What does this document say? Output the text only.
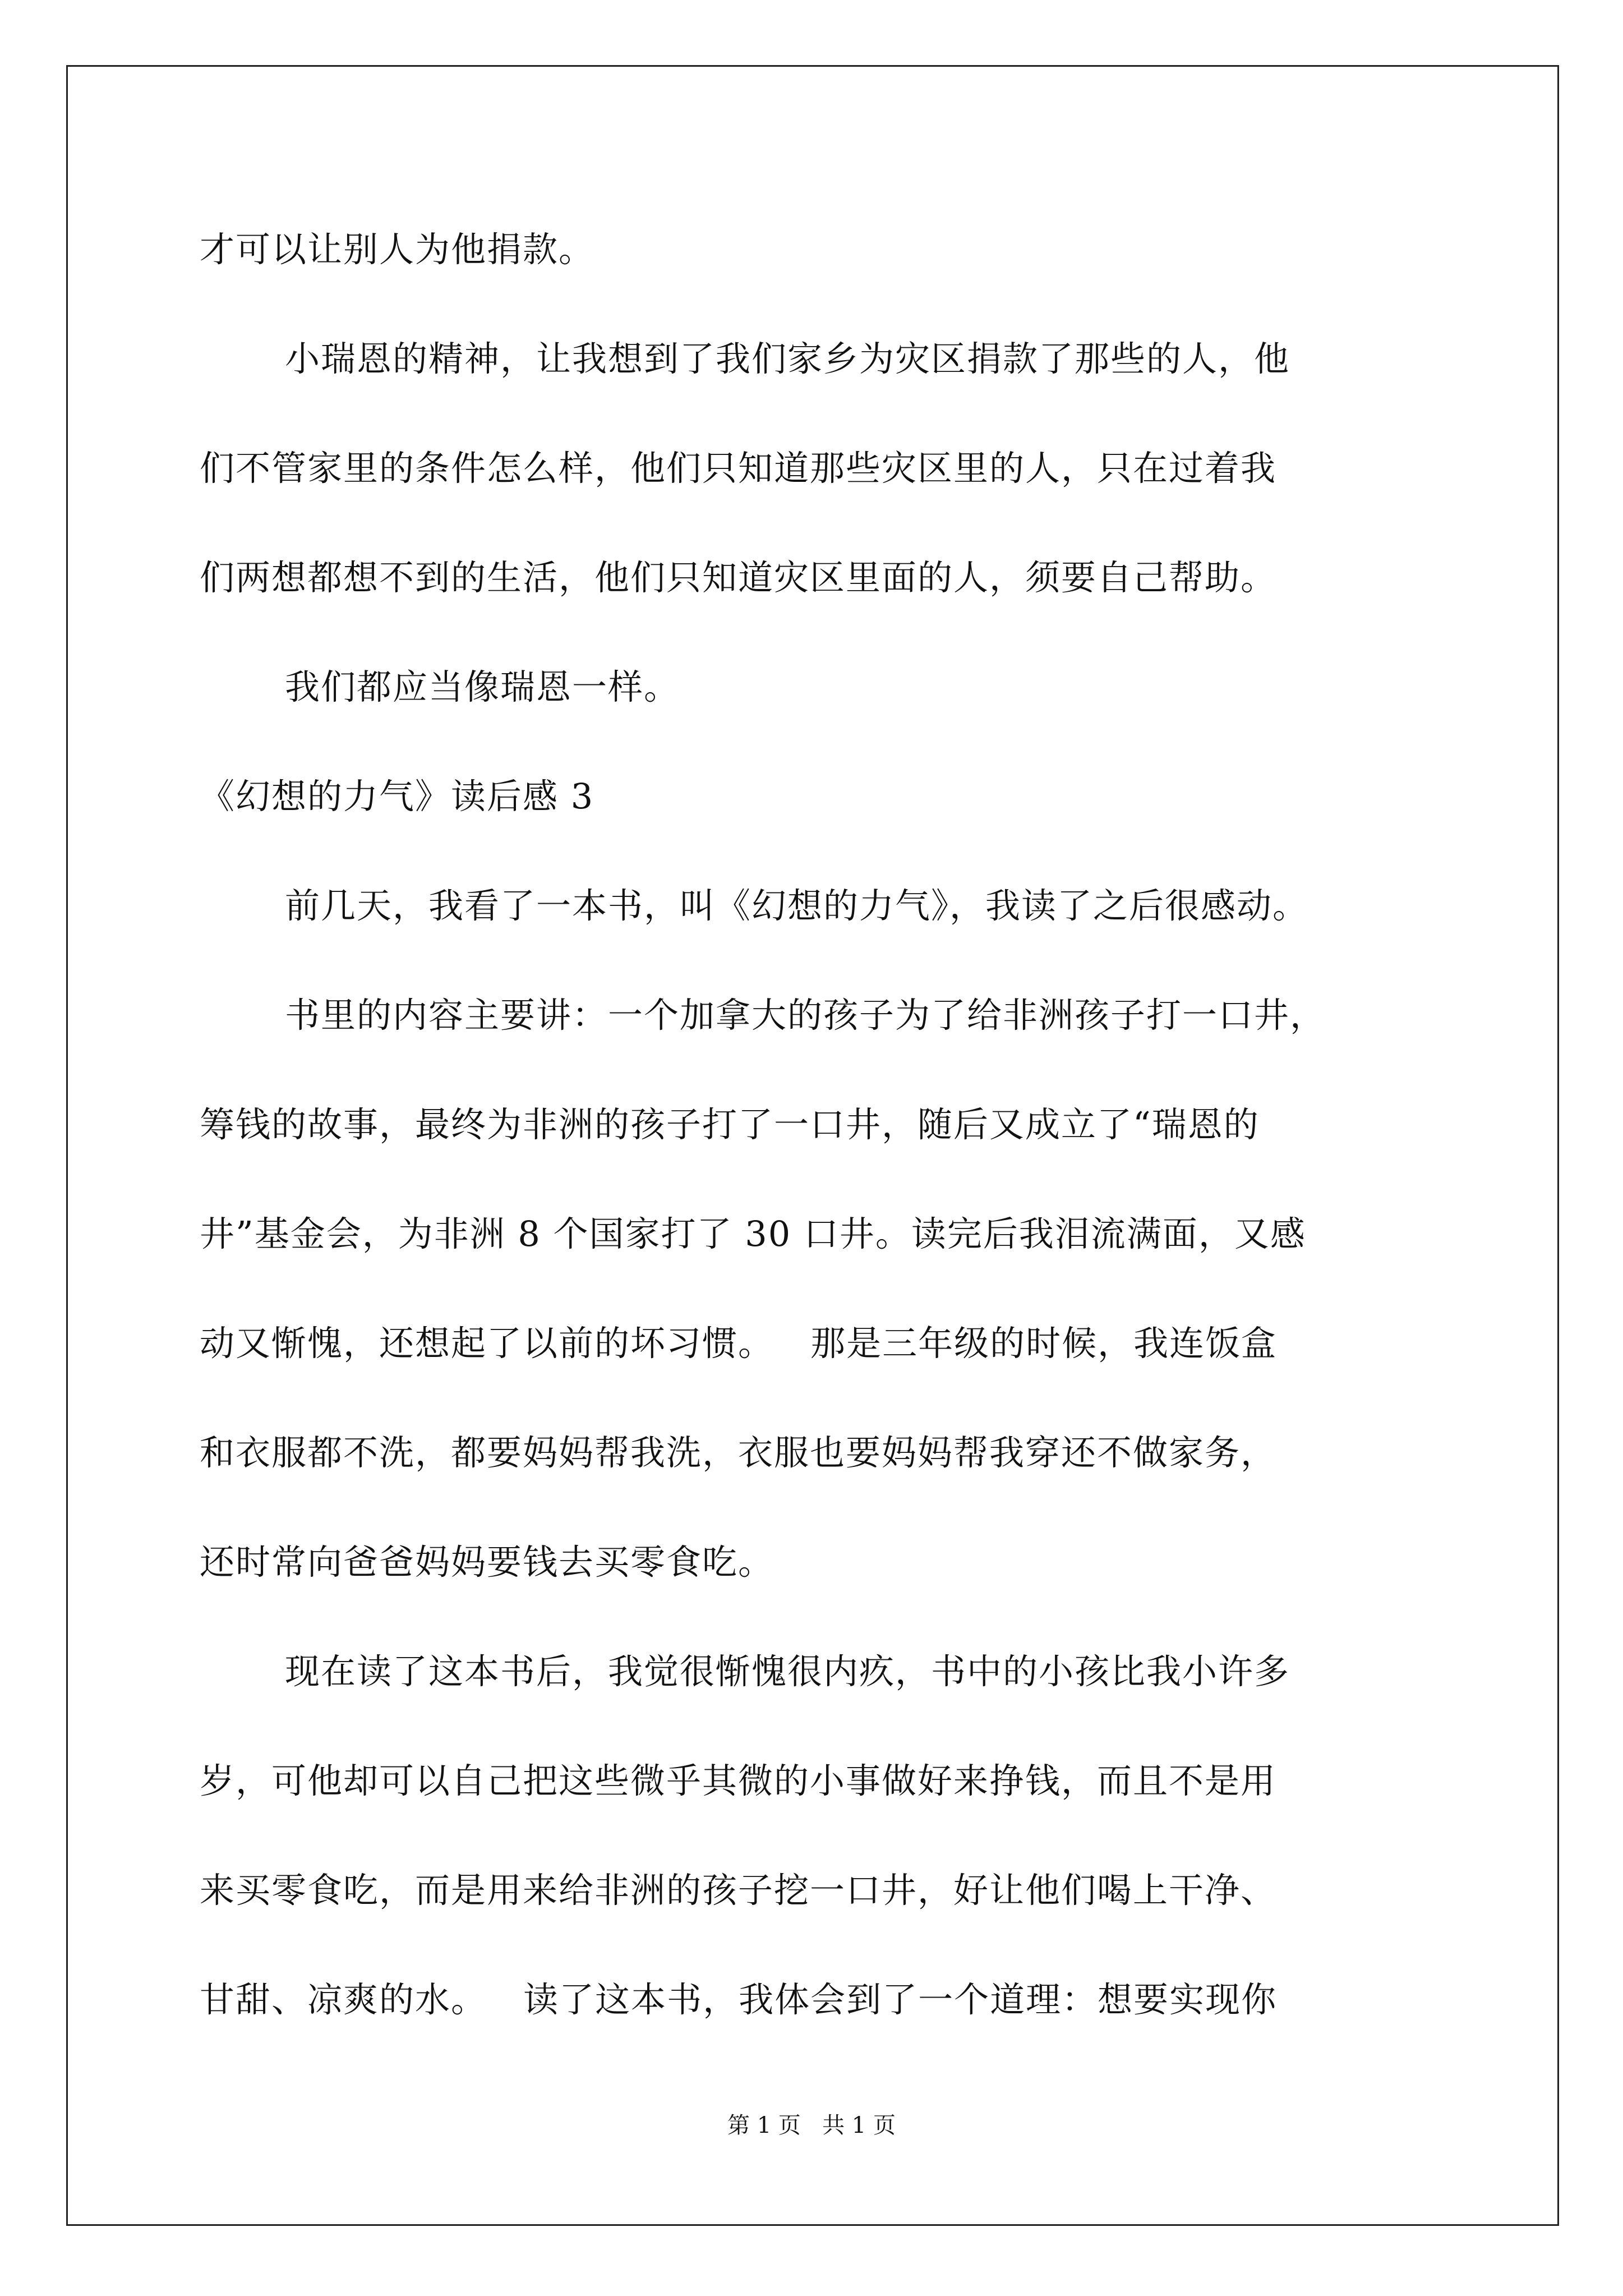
才可以让别人为他捐款。
小瑞恩的精神，让我想到了我们家乡为灾区捐款了那些的人，他
们不管家里的条件怎么样，他们只知道那些灾区里的人，只在过着我
们两想都想不到的生活，他们只知道灾区里面的人，须要自己帮助。
我们都应当像瑞恩一样。
《幻想的力气》读后感 3
前几天，我看了一本书，叫《幻想的力气》，我读了之后很感动。
书里的内容主要讲：一个加拿大的孩子为了给非洲孩子打一口井，
筹钱的故事，最终为非洲的孩子打了一口井，随后又成立了“瑞恩的
井”基金会，为非洲 8 个国家打了 30 口井。读完后我泪流满面，又感
动又惭愧，还想起了以前的坏习惯。   那是三年级的时候，我连饭盒
和衣服都不洗，都要妈妈帮我洗，衣服也要妈妈帮我穿还不做家务，
还时常向爸爸妈妈要钱去买零食吃。
现在读了这本书后，我觉很惭愧很内疚，书中的小孩比我小许多
岁，可他却可以自己把这些微乎其微的小事做好来挣钱，而且不是用
来买零食吃，而是用来给非洲的孩子挖一口井，好让他们喝上干净、
甘甜、凉爽的水。   读了这本书，我体会到了一个道理：想要实现你
第 1 页   共 1 页
